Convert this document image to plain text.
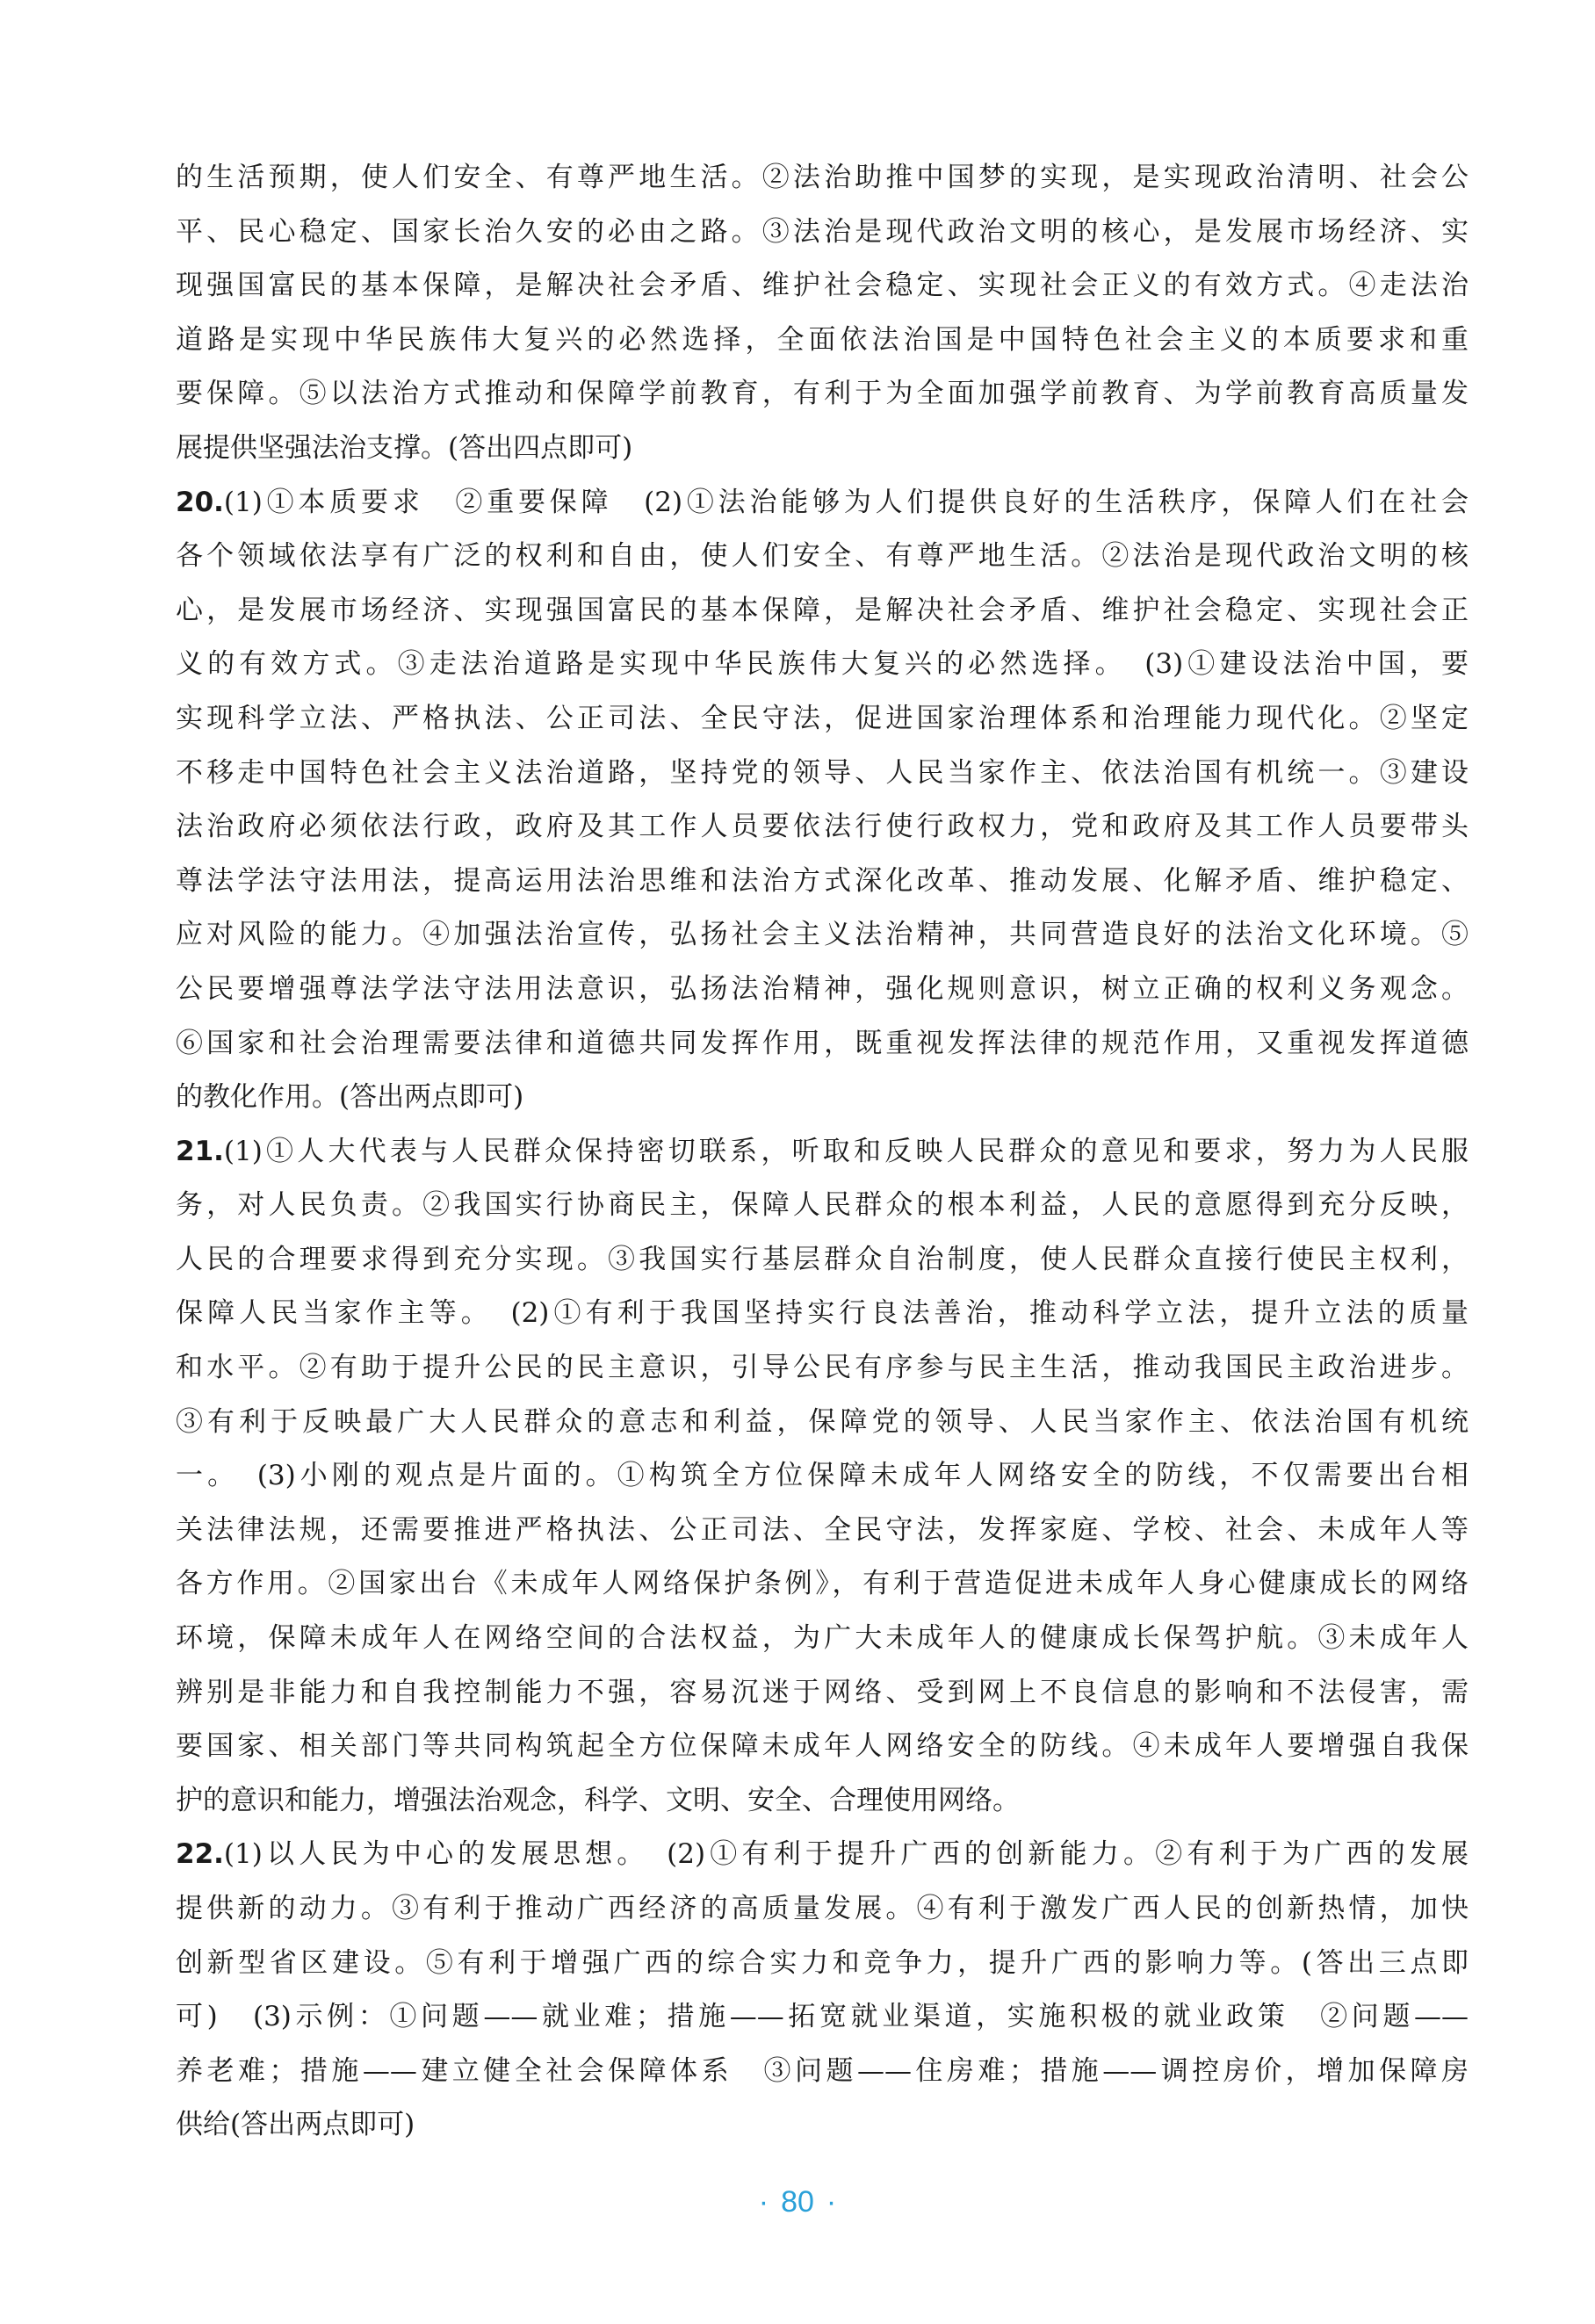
的生活预期，使人们安全、有尊严地生活。②法治助推中国梦的实现，是实现政治清明、社会公
平、民心稳定、国家长治久安的必由之路。③法治是现代政治文明的核心，是发展市场经济、实
现强国富民的基本保障，是解决社会矛盾、维护社会稳定、实现社会正义的有效方式。④走法治
道路是实现中华民族伟大复兴的必然选择，全面依法治国是中国特色社会主义的本质要求和重
要保障。⑤以法治方式推动和保障学前教育，有利于为全面加强学前教育、为学前教育高质量发
展提供坚强法治支撑。(答出四点即可)
20.(1)①本质要求　②重要保障　(2)①法治能够为人们提供良好的生活秩序，保障人们在社会
各个领域依法享有广泛的权利和自由，使人们安全、有尊严地生活。②法治是现代政治文明的核
心，是发展市场经济、实现强国富民的基本保障，是解决社会矛盾、维护社会稳定、实现社会正
义的有效方式。③走法治道路是实现中华民族伟大复兴的必然选择。　(3)①建设法治中国，要
实现科学立法、严格执法、公正司法、全民守法，促进国家治理体系和治理能力现代化。②坚定
不移走中国特色社会主义法治道路，坚持党的领导、人民当家作主、依法治国有机统一。③建设
法治政府必须依法行政，政府及其工作人员要依法行使行政权力，党和政府及其工作人员要带头
尊法学法守法用法，提高运用法治思维和法治方式深化改革、推动发展、化解矛盾、维护稳定、
应对风险的能力。④加强法治宣传，弘扬社会主义法治精神，共同营造良好的法治文化环境。⑤
公民要增强尊法学法守法用法意识，弘扬法治精神，强化规则意识，树立正确的权利义务观念。
⑥国家和社会治理需要法律和道德共同发挥作用，既重视发挥法律的规范作用，又重视发挥道德
的教化作用。(答出两点即可)
21.(1)①人大代表与人民群众保持密切联系，听取和反映人民群众的意见和要求，努力为人民服
务，对人民负责。②我国实行协商民主，保障人民群众的根本利益，人民的意愿得到充分反映，
人民的合理要求得到充分实现。③我国实行基层群众自治制度，使人民群众直接行使民主权利，
保障人民当家作主等。　(2)①有利于我国坚持实行良法善治，推动科学立法，提升立法的质量
和水平。②有助于提升公民的民主意识，引导公民有序参与民主生活，推动我国民主政治进步。
③有利于反映最广大人民群众的意志和利益，保障党的领导、人民当家作主、依法治国有机统
一。　(3)小刚的观点是片面的。①构筑全方位保障未成年人网络安全的防线，不仅需要出台相
关法律法规，还需要推进严格执法、公正司法、全民守法，发挥家庭、学校、社会、未成年人等
各方作用。②国家出台《未成年人网络保护条例》，有利于营造促进未成年人身心健康成长的网络
环境，保障未成年人在网络空间的合法权益，为广大未成年人的健康成长保驾护航。③未成年人
辨别是非能力和自我控制能力不强，容易沉迷于网络、受到网上不良信息的影响和不法侵害，需
要国家、相关部门等共同构筑起全方位保障未成年人网络安全的防线。④未成年人要增强自我保
护的意识和能力，增强法治观念，科学、文明、安全、合理使用网络。
22.(1)以人民为中心的发展思想。　(2)①有利于提升广西的创新能力。②有利于为广西的发展
提供新的动力。③有利于推动广西经济的高质量发展。④有利于激发广西人民的创新热情，加快
创新型省区建设。⑤有利于增强广西的综合实力和竞争力，提升广西的影响力等。(答出三点即
可)　(3)示例：①问题——就业难；措施——拓宽就业渠道，实施积极的就业政策　②问题——
养老难；措施——建立健全社会保障体系　③问题——住房难；措施——调控房价，增加保障房
供给(答出两点即可)
· 80 ·
